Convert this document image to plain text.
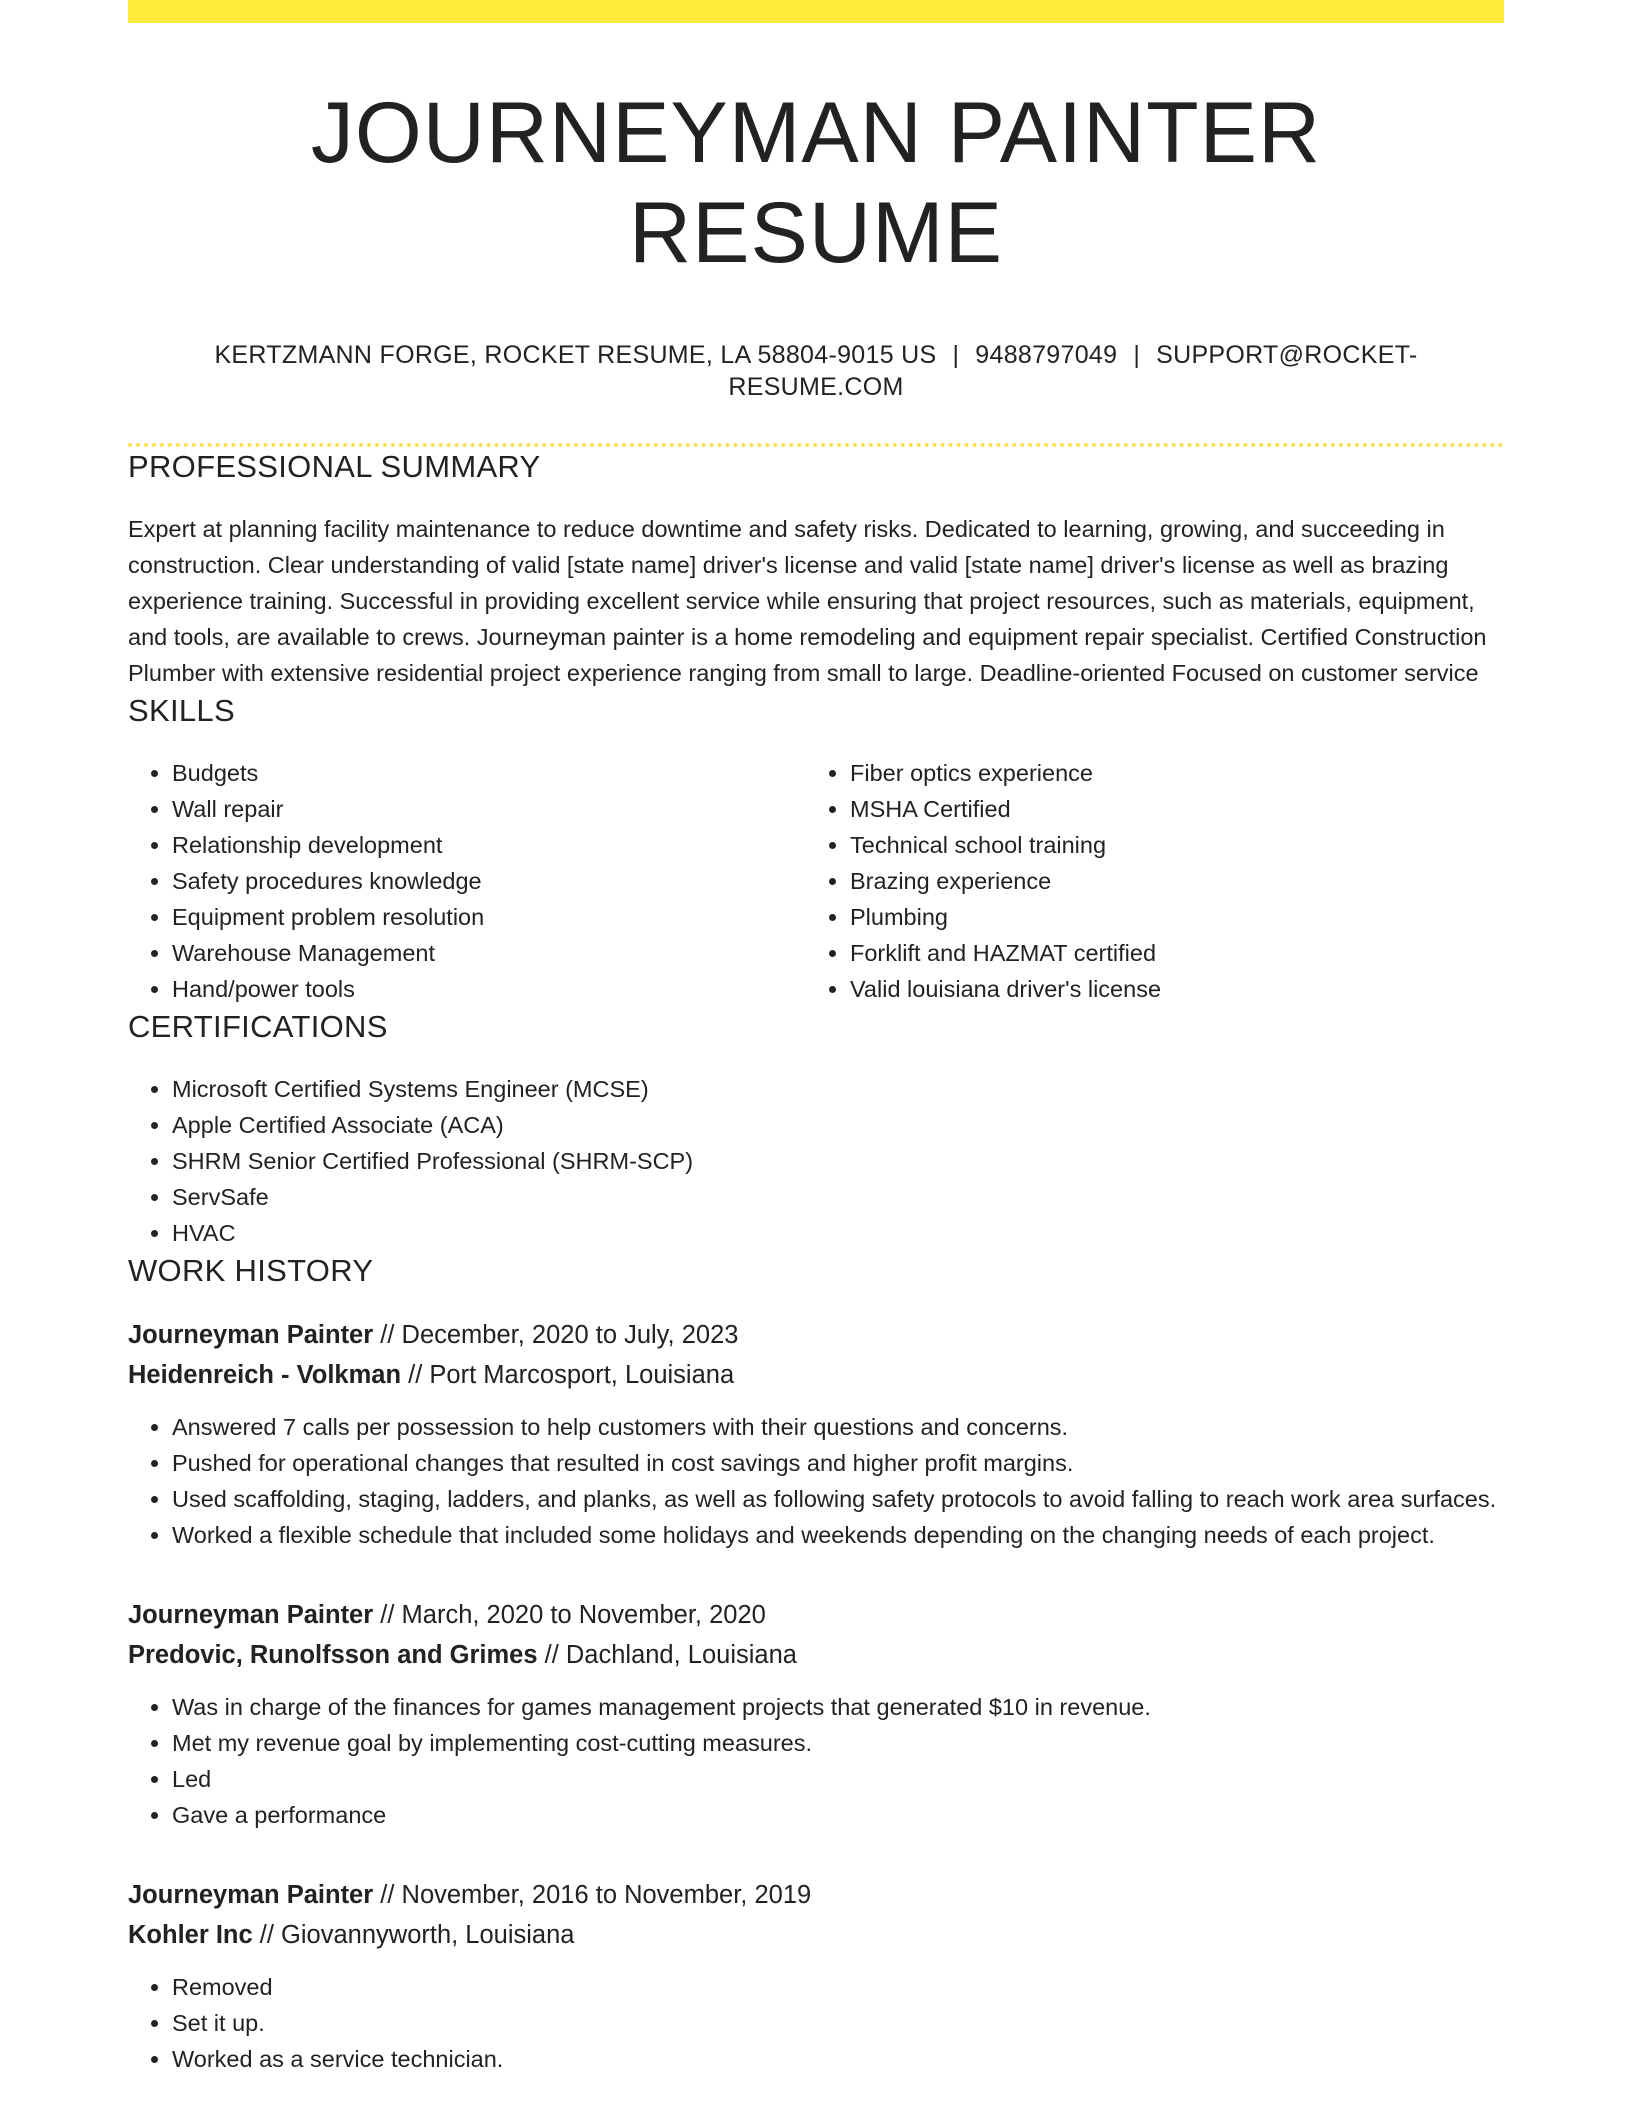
JOURNEYMAN PAINTER RESUME
KERTZMANN FORGE, ROCKET RESUME, LA 58804-9015 US | 9488797049 | SUPPORT@ROCKET-RESUME.COM
PROFESSIONAL SUMMARY

Expert at planning facility maintenance to reduce downtime and safety risks. Dedicated to learning, growing, and succeeding in construction. Clear understanding of valid [state name] driver's license and valid [state name] driver's license as well as brazing experience training. Successful in providing excellent service while ensuring that project resources, such as materials, equipment, and tools, are available to crews. Journeyman painter is a home remodeling and equipment repair specialist. Certified Construction Plumber with extensive residential project experience ranging from small to large. Deadline-oriented Focused on customer service

SKILLS
• Budgets
• Wall repair
• Relationship development
• Safety procedures knowledge
• Equipment problem resolution
• Warehouse Management
• Hand/power tools
• Fiber optics experience
• MSHA Certified
• Technical school training
• Brazing experience
• Plumbing
• Forklift and HAZMAT certified
• Valid louisiana driver's license
CERTIFICATIONS
• Microsoft Certified Systems Engineer (MCSE)
• Apple Certified Associate (ACA)
• SHRM Senior Certified Professional (SHRM-SCP)
• ServSafe
• HVAC
WORK HISTORY
Journeyman Painter // December, 2020 to July, 2023
Heidenreich - Volkman // Port Marcosport, Louisiana
• Answered 7 calls per possession to help customers with their questions and concerns.
• Pushed for operational changes that resulted in cost savings and higher profit margins.
• Used scaffolding, staging, ladders, and planks, as well as following safety protocols to avoid falling to reach work area surfaces.
• Worked a flexible schedule that included some holidays and weekends depending on the changing needs of each project.
Journeyman Painter // March, 2020 to November, 2020
Predovic, Runolfsson and Grimes // Dachland, Louisiana
• Was in charge of the finances for games management projects that generated $10 in revenue.
• Met my revenue goal by implementing cost-cutting measures.
• Led
• Gave a performance
Journeyman Painter // November, 2016 to November, 2019
Kohler Inc // Giovannyworth, Louisiana
• Removed
• Set it up.
• Worked as a service technician.
